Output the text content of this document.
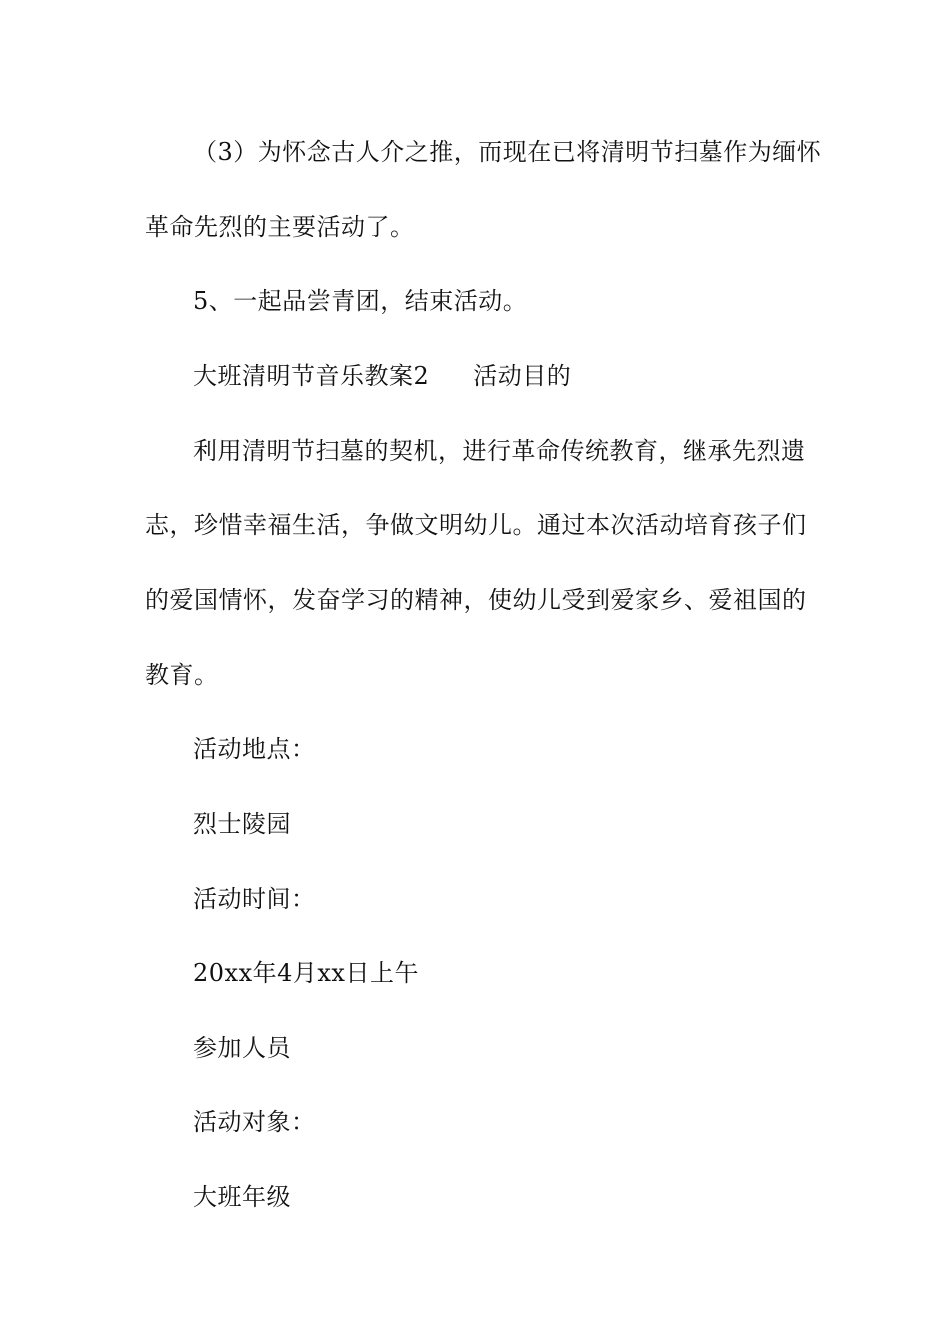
（3）为怀念古人介之推，而现在已将清明节扫墓作为缅怀
革命先烈的主要活动了。
5、一起品尝青团，结束活动。
大班清明节音乐教案2 活动目的
利用清明节扫墓的契机，进行革命传统教育，继承先烈遗
志，珍惜幸福生活，争做文明幼儿。通过本次活动培育孩子们
的爱国情怀，发奋学习的精神，使幼儿受到爱家乡、爱祖国的
教育。
活动地点：
烈士陵园
活动时间：
20xx年4月xx日上午
参加人员
活动对象：
大班年级
